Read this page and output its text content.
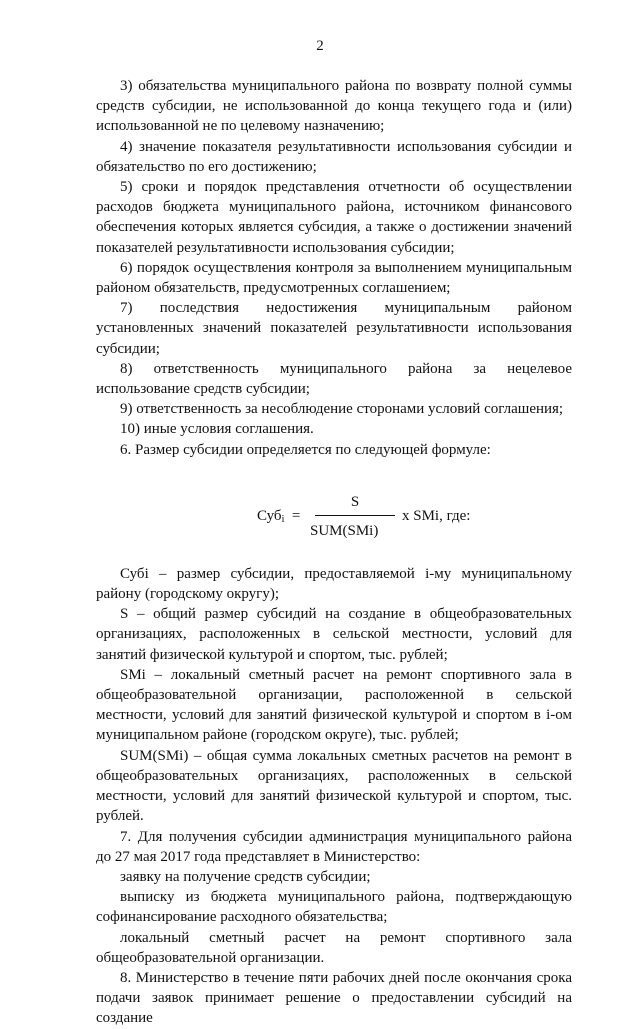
2

3) обязательства муниципального района по возврату полной суммы средств субсидии, не использованной до конца текущего года и (или) использованной не по целевому назначению;

4) значение показателя результативности использования субсидии и обязательство по его достижению;

5) сроки и порядок представления отчетности об осуществлении расходов бюджета муниципального района, источником финансового обеспечения которых является субсидия, а также о достижении значений показателей результативности использования субсидии;

6) порядок осуществления контроля за выполнением муниципальным районом обязательств, предусмотренных соглашением;

7) последствия недостижения муниципальным районом установленных значений показателей результативности использования субсидии;

8) ответственность муниципального района за нецелевое использование средств субсидии;

9) ответственность за несоблюдение сторонами условий соглашения;

10) иные условия соглашения.

6. Размер субсидии определяется по следующей формуле:

Суб$_i$ =
S
SUM(SMi)
x SMi, где:

Субi – размер субсидии, предоставляемой i-му муниципальному району (городскому округу);

S – общий размер субсидий на создание в общеобразовательных организациях, расположенных в сельской местности, условий для занятий физической культурой и спортом, тыс. рублей;

SMi – локальный сметный расчет на ремонт спортивного зала в общеобразовательной организации, расположенной в сельской местности, условий для занятий физической культурой и спортом в i-ом муниципальном районе (городском округе), тыс. рублей;

SUM(SMi) – общая сумма локальных сметных расчетов на ремонт в общеобразовательных организациях, расположенных в сельской местности, условий для занятий физической культурой и спортом, тыс. рублей.

7. Для получения субсидии администрация муниципального района до 27 мая 2017 года представляет в Министерство:

заявку на получение средств субсидии;

выписку из бюджета муниципального района, подтверждающую софинансирование расходного обязательства;

локальный сметный расчет на ремонт спортивного зала общеобразовательной организации.

8. Министерство в течение пяти рабочих дней после окончания срока подачи заявок принимает решение о предоставлении субсидий на создание
